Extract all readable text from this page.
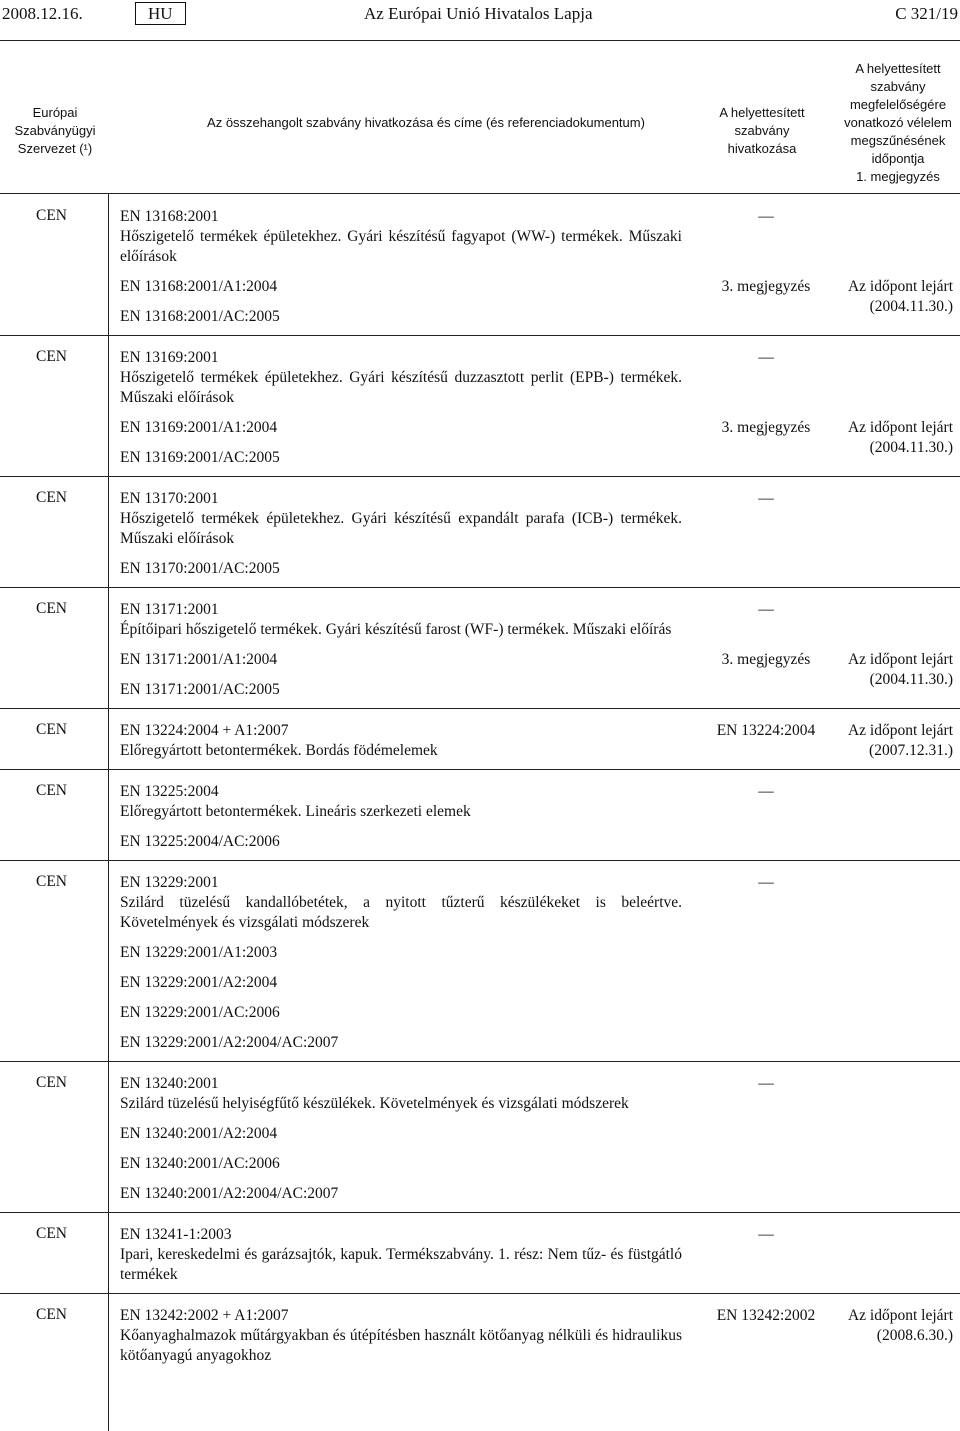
2008.12.16.	HU	Az Európai Unió Hivatalos Lapja	C 321/19
Európai Szabványügyi Szervezet (¹)
Az összehangolt szabvány hivatkozása és címe (és referenciadokumentum)
A helyettesített szabvány hivatkozása
A helyettesített szabvány megfelelőségére vonatkozó vélelem megszűnésének időpontja
1. megjegyzés
CEN	EN 13168:2001	—
Hőszigetelő termékek épületekhez. Gyári készítésű fagyapot (WW-) termékek. Műszaki előírások
EN 13168:2001/A1:2004	3. megjegyzés	Az időpont lejárt (2004.11.30.)
EN 13168:2001/AC:2005
CEN	EN 13169:2001	—
Hőszigetelő termékek épületekhez. Gyári készítésű duzzasztott perlit (EPB-) termékek. Műszaki előírások
EN 13169:2001/A1:2004	3. megjegyzés	Az időpont lejárt (2004.11.30.)
EN 13169:2001/AC:2005
CEN	EN 13170:2001	—
Hőszigetelő termékek épületekhez. Gyári készítésű expandált parafa (ICB-) termékek. Műszaki előírások
EN 13170:2001/AC:2005
CEN	EN 13171:2001	—
Építőipari hőszigetelő termékek. Gyári készítésű farost (WF-) termékek. Műszaki előírás
EN 13171:2001/A1:2004	3. megjegyzés	Az időpont lejárt (2004.11.30.)
EN 13171:2001/AC:2005
CEN	EN 13224:2004 + A1:2007	EN 13224:2004	Az időpont lejárt (2007.12.31.)
Előregyártott betontermékek. Bordás födémelemek
CEN	EN 13225:2004	—
Előregyártott betontermékek. Lineáris szerkezeti elemek
EN 13225:2004/AC:2006
CEN	EN 13229:2001	—
Szilárd tüzelésű kandallóbetétek, a nyitott tűzterű készülékeket is beleértve. Követelmények és vizsgálati módszerek
EN 13229:2001/A1:2003
EN 13229:2001/A2:2004
EN 13229:2001/AC:2006
EN 13229:2001/A2:2004/AC:2007
CEN	EN 13240:2001	—
Szilárd tüzelésű helyiségfűtő készülékek. Követelmények és vizsgálati módszerek
EN 13240:2001/A2:2004
EN 13240:2001/AC:2006
EN 13240:2001/A2:2004/AC:2007
CEN	EN 13241-1:2003	—
Ipari, kereskedelmi és garázsajtók, kapuk. Termékszabvány. 1. rész: Nem tűz- és füstgátló termékek
CEN	EN 13242:2002 + A1:2007	EN 13242:2002	Az időpont lejárt (2008.6.30.)
Kőanyaghalmazok műtárgyakban és útépítésben használt kötőanyag nélküli és hidraulikus kötőanyagú anyagokhoz
